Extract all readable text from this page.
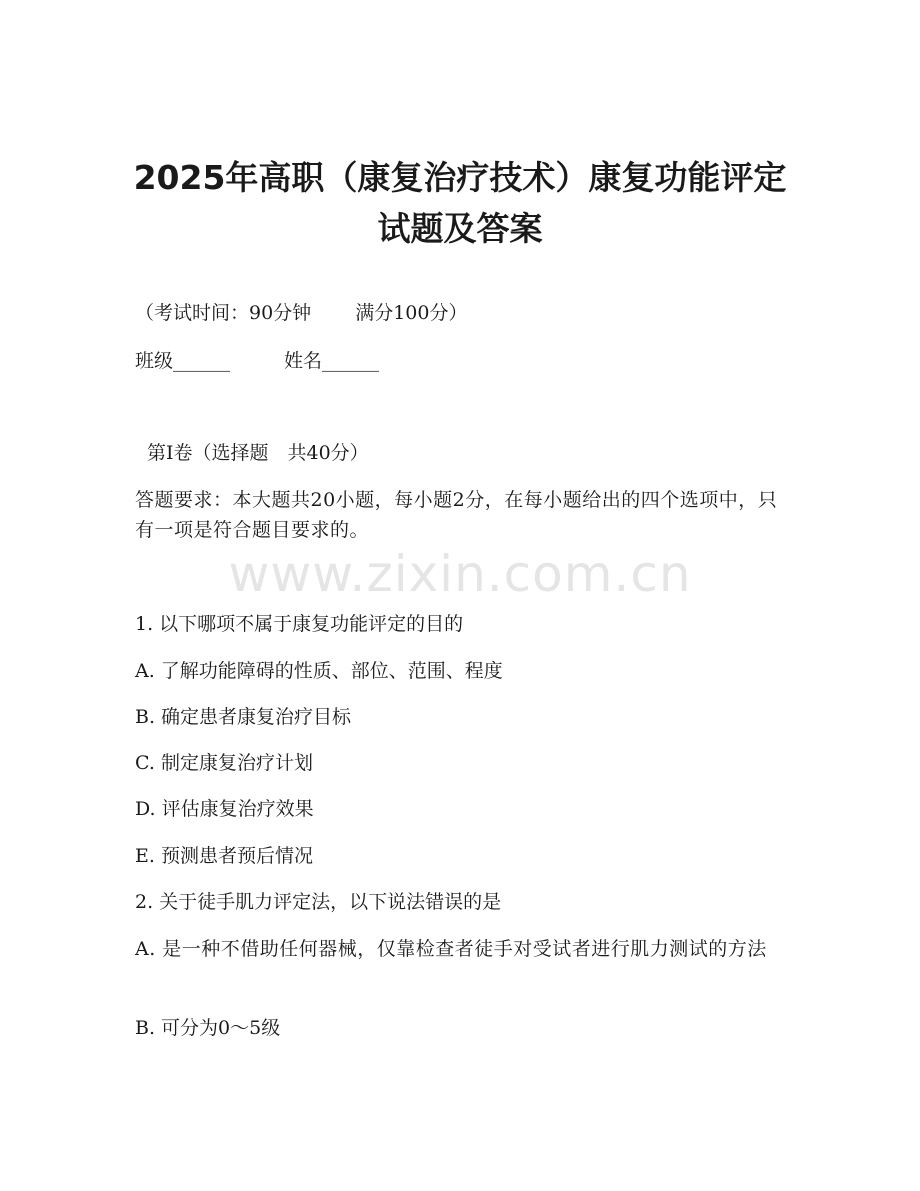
2025年高职（康复治疗技术）康复功能评定
试题及答案

（考试时间：90分钟 满分100分）

班级______	姓名______

第Ⅰ卷（选择题　共40分）

答题要求：本大题共20小题，每小题2分，在每小题给出的四个选项中，只有一项是符合题目要求的。

www.zixin.com.cn

1. 以下哪项不属于康复功能评定的目的

A. 了解功能障碍的性质、部位、范围、程度

B. 确定患者康复治疗目标

C. 制定康复治疗计划

D. 评估康复治疗效果

E. 预测患者预后情况

2. 关于徒手肌力评定法，以下说法错误的是

A. 是一种不借助任何器械，仅靠检查者徒手对受试者进行肌力测试的方法

B. 可分为0～5级
